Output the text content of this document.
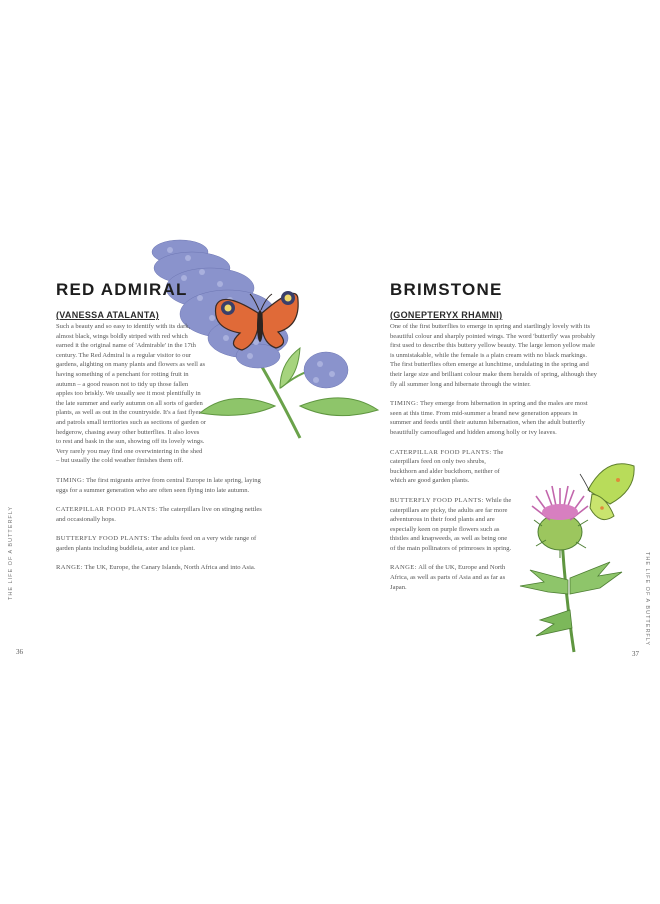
RED ADMIRAL
(VANESSA ATALANTA)

Such a beauty and so easy to identify with its dark, almost black, wings boldly striped with red which earned it the original name of 'Admirable' in the 17th century. The Red Admiral is a regular visitor to our gardens, alighting on many plants and flowers as well as having something of a penchant for rotting fruit in autumn – a good reason not to tidy up those fallen apples too briskly. We usually see it most plentifully in the late summer and early autumn on all sorts of garden plants, as well as out in the countryside. It's a fast flyer and patrols small territories such as sections of garden or hedgerow, chasing away other butterflies. It also loves to rest and bask in the sun, showing off its lovely wings. Very rarely you may find one overwintering in the shed – but usually the cold weather finishes them off.

TIMING: The first migrants arrive from central Europe in late spring, laying eggs for a summer generation who are often seen flying into late autumn.

CATERPILLAR FOOD PLANTS: The caterpillars live on stinging nettles and occasionally hops.

BUTTERFLY FOOD PLANTS: The adults feed on a very wide range of garden plants including buddleia, aster and ice plant.

RANGE: The UK, Europe, the Canary Islands, North Africa and into Asia.

THE LIFE OF A BUTTERFLY
36
BRIMSTONE
(GONEPTERYX RHAMNI)

One of the first butterflies to emerge in spring and startlingly lovely with its beautiful colour and sharply pointed wings. The word 'butterfly' was probably first used to describe this buttery yellow beauty. The large lemon yellow male is unmistakable, while the female is a plain cream with no black markings. The first butterflies often emerge at lunchtime, undulating in the spring and their large size and brilliant colour make them heralds of spring, although they fly all summer long and hibernate through the winter.

TIMING: They emerge from hibernation in spring and the males are most seen at this time. From mid-summer a brand new generation appears in summer and feeds until their autumn hibernation, when the adult butterfly beautifully camouflaged and hidden among holly or ivy leaves.

CATERPILLAR FOOD PLANTS: The caterpillars feed on only two shrubs, buckthorn and alder buckthorn, neither of which are good garden plants.

BUTTERFLY FOOD PLANTS: While the caterpillars are picky, the adults are far more adventurous in their food plants and are especially keen on purple flowers such as thistles and knapweeds, as well as being one of the main pollinators of primroses in spring.

RANGE: All of the UK, Europe and North Africa, as well as parts of Asia and as far as Japan.	THE LIFE OF A BUTTERFLY
37
